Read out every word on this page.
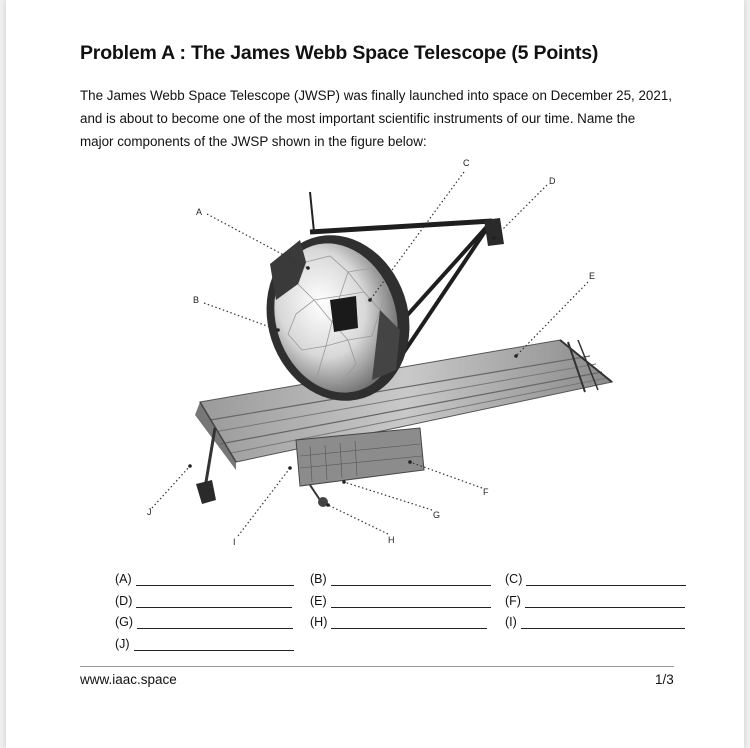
Problem A : The James Webb Space Telescope (5 Points)

The James Webb Space Telescope (JWSP) was finally launched into space on December 25, 2021,

and is about to become one of the most important scientific instruments of our time. Name the

major components of the JWSP shown in the figure below:

A
B
C
D
E
F
G
H
I
J
(A)	(B)	(C)
(D)	(E)	(F)
(G)	(H)	(I)
(J)
www.iaac.space	1/3
